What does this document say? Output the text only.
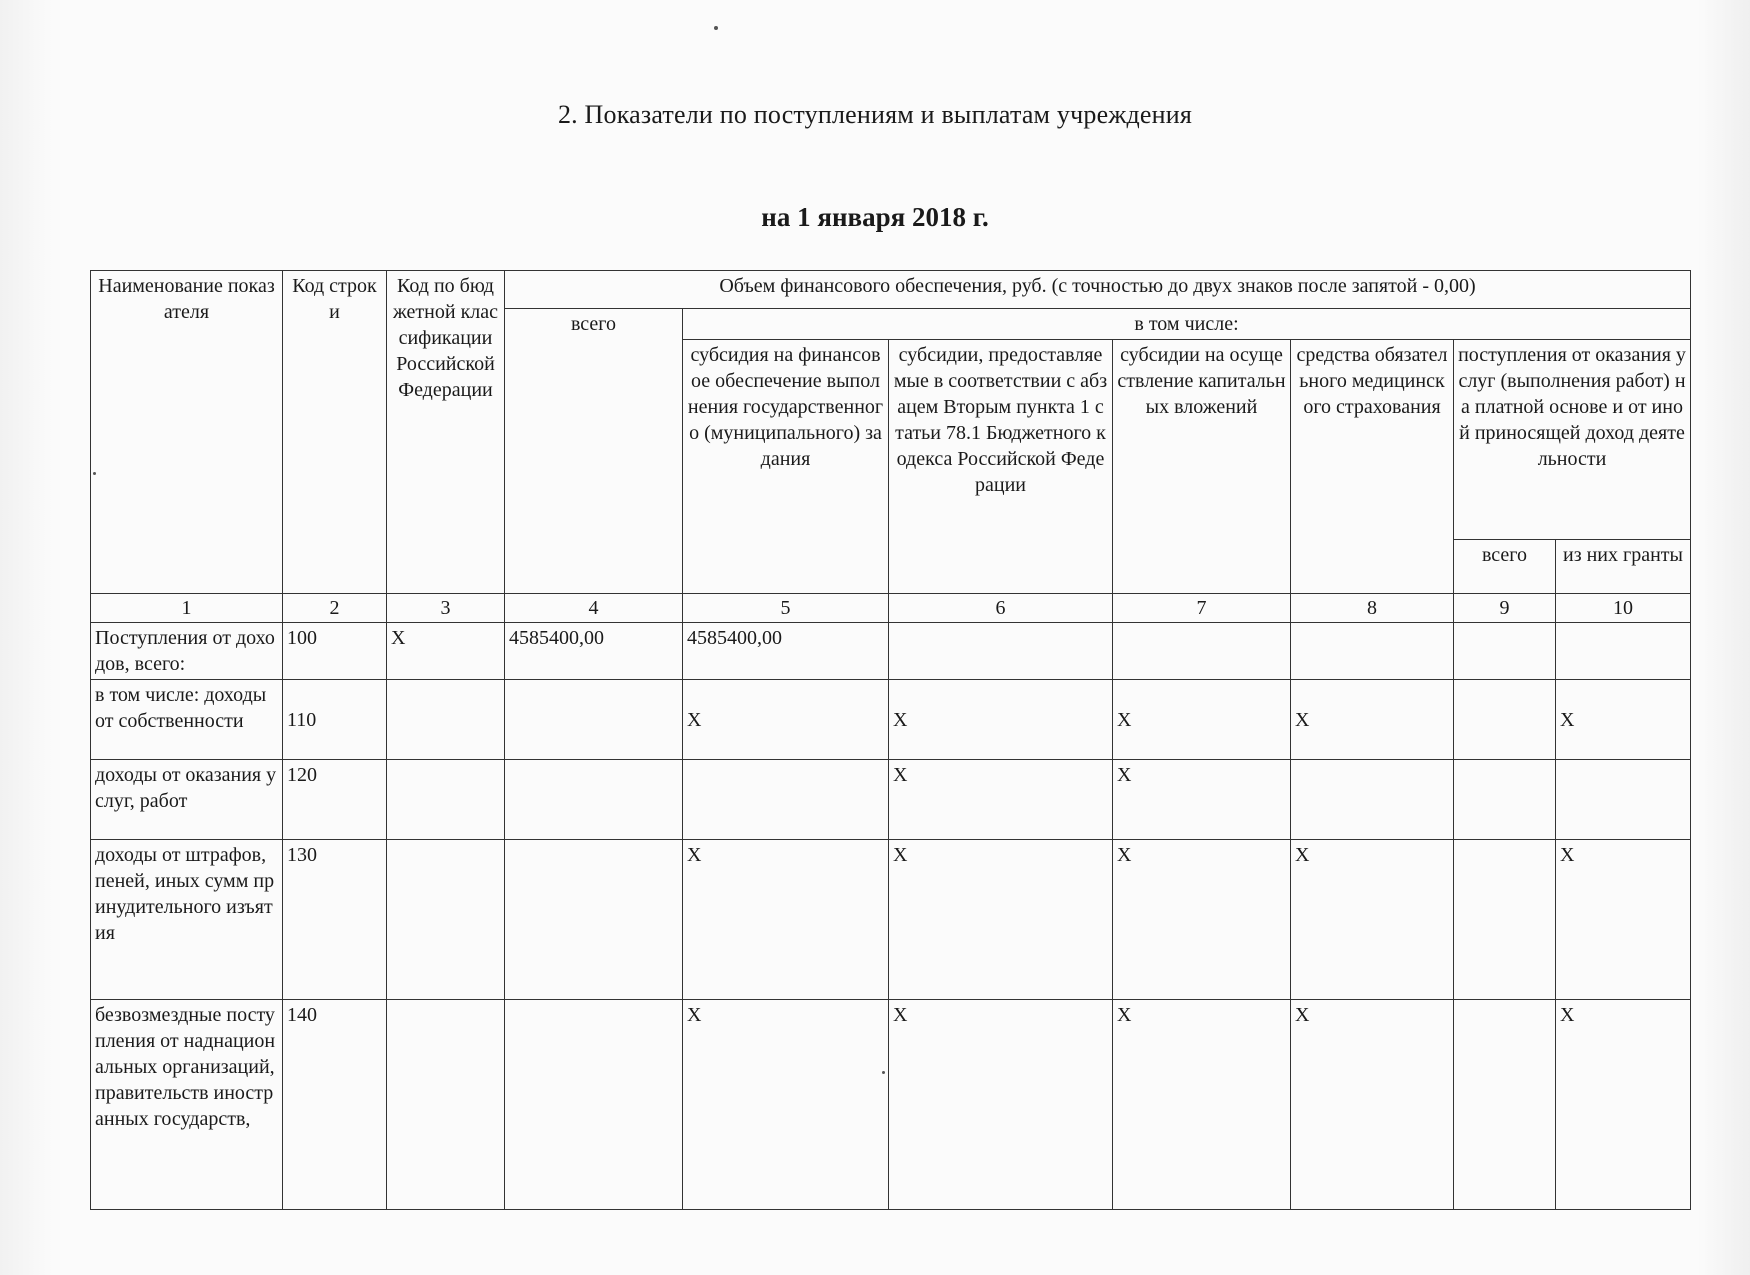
2. Показатели по поступлениям и выплатам учреждения
на 1 января 2018 г.
Наименование показателя	Код строки	Код по бюджетной классификации Российской Федерации	Объем финансового обеспечения, руб. (с точностью до двух знаков после запятой - 0,00)						
			всего	в том числе:					
				субсидия на финансовое обеспечение выполнения государственного (муниципального) задания	субсидии, предоставляемые в соответствии с абзацем Вторым пункта 1 статьи 78.1 Бюджетного кодекса Российской Федерации	субсидии на осуществление капитальных вложений	средства обязательного медицинского страхования	поступления от оказания услуг (выполнения работ) на платной основе и от иной приносящей доход деятельности	
								всего	из них гранты
1	2	3	4	5	6	7	8	9	10
Поступления от доходов, всего:	100	X	4585400,00	4585400,00					
в том числе: доходы от собственности	110			X	X	X	X		X
доходы от оказания услуг, работ	120				X	X			
доходы от штрафов, пеней, иных сумм принудительного изъятия	130			X	X	X	X		X
безвозмездные поступления от наднациональных организаций, правительств иностранных государств,	140			X	X	X	X		X
